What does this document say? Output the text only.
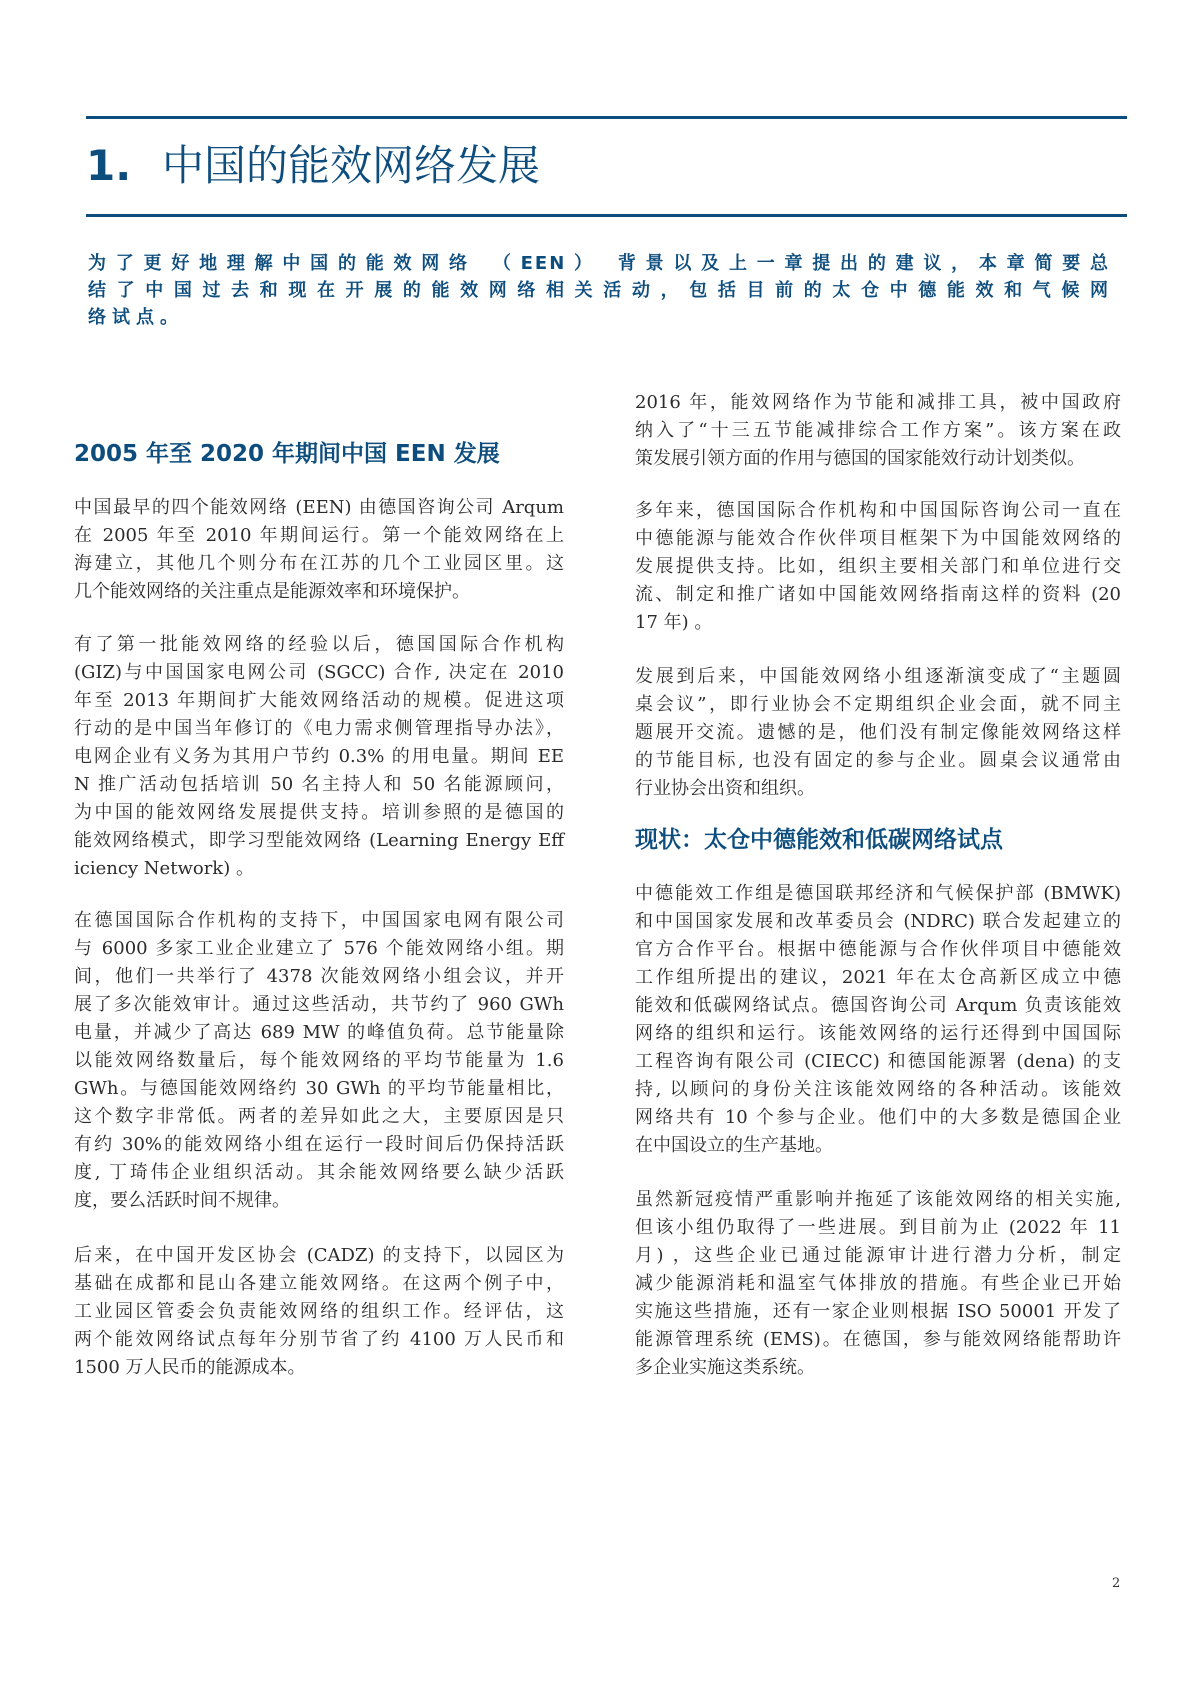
1. 中国的能效网络发展
为了更好地理解中国的能效网络 （EEN） 背景以及上一章提出的建议，本章简要总
结了中国过去和现在开展的能效网络相关活动，包括目前的太仓中德能效和气候网
络试点。
2005 年至 2020 年期间中国 EEN 发展
中国最早的四个能效网络 (EEN) 由德国咨询公司 Arqum
在 2005 年至 2010 年期间运行。第一个能效网络在上
海建立，其他几个则分布在江苏的几个工业园区里。这
几个能效网络的关注重点是能源效率和环境保护。
有了第一批能效网络的经验以后，德国国际合作机构
(GIZ)与中国国家电网公司 (SGCC) 合作, 决定在 2010
年至 2013 年期间扩大能效网络活动的规模。促进这项
行动的是中国当年修订的《电力需求侧管理指导办法》，
电网企业有义务为其用户节约 0.3% 的用电量。期间 EE
N 推广活动包括培训 50 名主持人和 50 名能源顾问，
为中国的能效网络发展提供支持。培训参照的是德国的
能效网络模式，即学习型能效网络 (Learning Energy Eff
iciency Network) 。
在德国国际合作机构的支持下，中国国家电网有限公司
与 6000 多家工业企业建立了 576 个能效网络小组。期
间，他们一共举行了 4378 次能效网络小组会议，并开
展了多次能效审计。通过这些活动，共节约了 960 GWh
电量，并减少了高达 689 MW 的峰值负荷。总节能量除
以能效网络数量后，每个能效网络的平均节能量为 1.6
GWh。与德国能效网络约 30 GWh 的平均节能量相比，
这个数字非常低。两者的差异如此之大，主要原因是只
有约 30%的能效网络小组在运行一段时间后仍保持活跃
度, 丁琦伟企业组织活动。其余能效网络要么缺少活跃
度，要么活跃时间不规律。
后来，在中国开发区协会 (CADZ) 的支持下，以园区为
基础在成都和昆山各建立能效网络。在这两个例子中，
工业园区管委会负责能效网络的组织工作。经评估，这
两个能效网络试点每年分别节省了约 4100 万人民币和
1500 万人民币的能源成本。
2016 年，能效网络作为节能和减排工具，被中国政府
纳入了“十三五节能减排综合工作方案”。该方案在政
策发展引领方面的作用与德国的国家能效行动计划类似。
多年来，德国国际合作机构和中国国际咨询公司一直在
中德能源与能效合作伙伴项目框架下为中国能效网络的
发展提供支持。比如，组织主要相关部门和单位进行交
流、制定和推广诸如中国能效网络指南这样的资料 (20
17 年) 。
发展到后来，中国能效网络小组逐渐演变成了“主题圆
桌会议”，即行业协会不定期组织企业会面，就不同主
题展开交流。遗憾的是，他们没有制定像能效网络这样
的节能目标, 也没有固定的参与企业。圆桌会议通常由
行业协会出资和组织。
现状：太仓中德能效和低碳网络试点
中德能效工作组是德国联邦经济和气候保护部 (BMWK)
和中国国家发展和改革委员会 (NDRC) 联合发起建立的
官方合作平台。根据中德能源与合作伙伴项目中德能效
工作组所提出的建议，2021 年在太仓高新区成立中德
能效和低碳网络试点。德国咨询公司 Arqum 负责该能效
网络的组织和运行。该能效网络的运行还得到中国国际
工程咨询有限公司 (CIECC) 和德国能源署 (dena) 的支
持, 以顾问的身份关注该能效网络的各种活动。该能效
网络共有 10 个参与企业。他们中的大多数是德国企业
在中国设立的生产基地。
虽然新冠疫情严重影响并拖延了该能效网络的相关实施,
但该小组仍取得了一些进展。到目前为止 (2022 年 11
月) ，这些企业已通过能源审计进行潜力分析，制定
减少能源消耗和温室气体排放的措施。有些企业已开始
实施这些措施，还有一家企业则根据 ISO 50001 开发了
能源管理系统 (EMS)。在德国，参与能效网络能帮助许
多企业实施这类系统。
2
